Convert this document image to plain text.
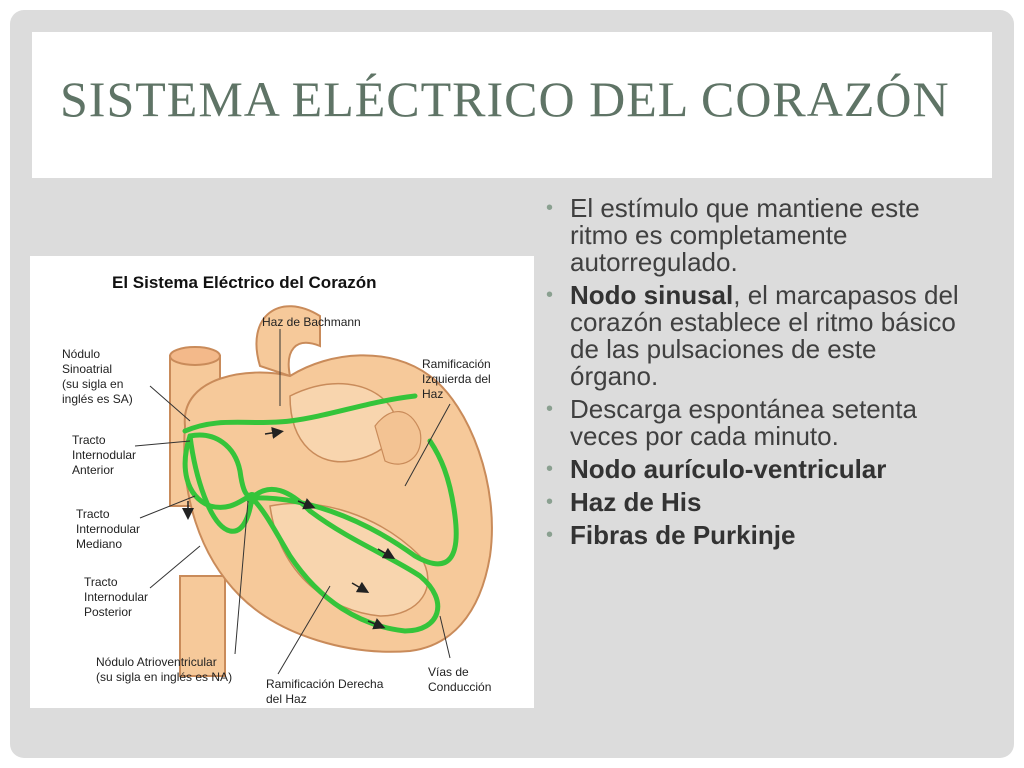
SISTEMA ELÉCTRICO DEL CORAZÓN
El Sistema Eléctrico del Corazón
Haz de Bachmann
Nódulo
Sinoatrial
(su sigla en
inglés es SA)
Ramificación
Izquierda del
Haz
Tracto
Internodular
Anterior
Tracto
Internodular
Mediano
Tracto
Internodular
Posterior
Nódulo Atrioventricular
(su sigla en inglés es NA)	Ramificación Derecha
del Haz
Vías de
Conducción
• El estímulo que mantiene este ritmo es completamente autorregulado.
• Nodo sinusal, el marcapasos del corazón establece el ritmo básico de las pulsaciones de este órgano.
• Descarga espontánea setenta veces por cada minuto.
• Nodo aurículo-ventricular
• Haz de His
• Fibras de Purkinje
